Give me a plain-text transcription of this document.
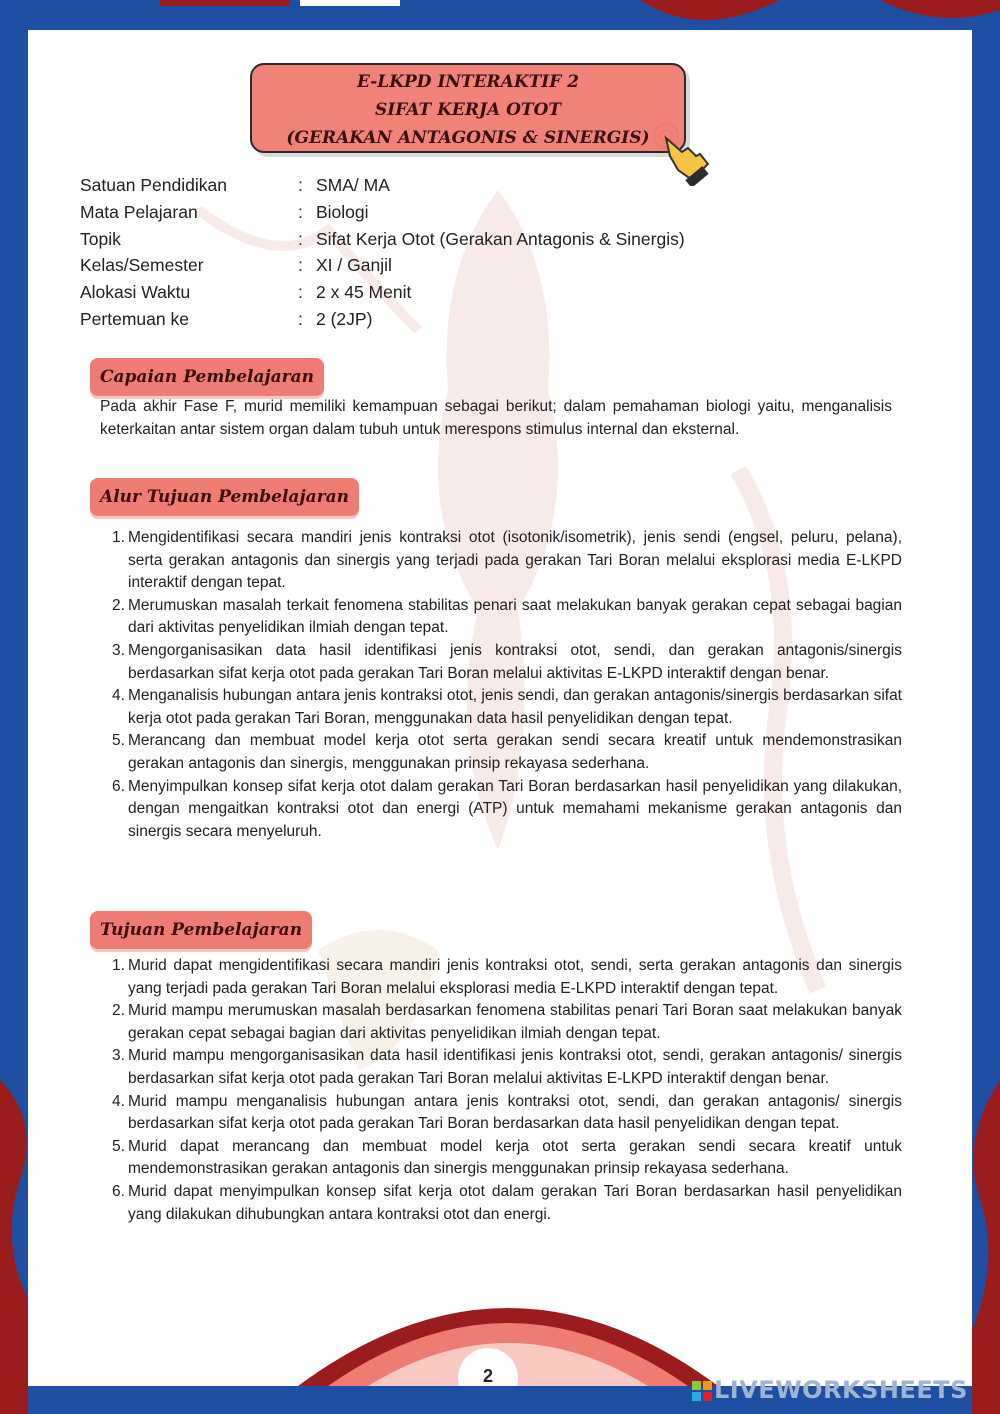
E-LKPD INTERAKTIF 2
SIFAT KERJA OTOT
(GERAKAN ANTAGONIS & SINERGIS)
Satuan Pendidikan	: SMA/ MA
Mata Pelajaran	: Biologi
Topik	: Sifat Kerja Otot (Gerakan Antagonis & Sinergis)
Kelas/Semester	: XI / Ganjil
Alokasi Waktu	: 2 x 45 Menit
Pertemuan ke	: 2 (2JP)
Capaian Pembelajaran
Pada akhir Fase F, murid memiliki kemampuan sebagai berikut; dalam pemahaman biologi yaitu, menganalisis keterkaitan antar sistem organ dalam tubuh untuk merespons stimulus internal dan eksternal.
Alur Tujuan Pembelajaran
1. Mengidentifikasi secara mandiri jenis kontraksi otot (isotonik/isometrik), jenis sendi (engsel, peluru, pelana), serta gerakan antagonis dan sinergis yang terjadi pada gerakan Tari Boran melalui eksplorasi media E-LKPD interaktif dengan tepat.
2. Merumuskan masalah terkait fenomena stabilitas penari saat melakukan banyak gerakan cepat sebagai bagian dari aktivitas penyelidikan ilmiah dengan tepat.
3. Mengorganisasikan data hasil identifikasi jenis kontraksi otot, sendi, dan gerakan antagonis/sinergis berdasarkan sifat kerja otot pada gerakan Tari Boran melalui aktivitas E-LKPD interaktif dengan benar.
4. Menganalisis hubungan antara jenis kontraksi otot, jenis sendi, dan gerakan antagonis/sinergis berdasarkan sifat kerja otot pada gerakan Tari Boran, menggunakan data hasil penyelidikan dengan tepat.
5. Merancang dan membuat model kerja otot serta gerakan sendi secara kreatif untuk mendemonstrasikan gerakan antagonis dan sinergis, menggunakan prinsip rekayasa sederhana.
6. Menyimpulkan konsep sifat kerja otot dalam gerakan Tari Boran berdasarkan hasil penyelidikan yang dilakukan, dengan mengaitkan kontraksi otot dan energi (ATP) untuk memahami mekanisme gerakan antagonis dan sinergis secara menyeluruh.
Tujuan Pembelajaran
1. Murid dapat mengidentifikasi secara mandiri jenis kontraksi otot, sendi, serta gerakan antagonis dan sinergis yang terjadi pada gerakan Tari Boran melalui eksplorasi media E-LKPD interaktif dengan tepat.
2. Murid mampu merumuskan masalah berdasarkan fenomena stabilitas penari Tari Boran saat melakukan banyak gerakan cepat sebagai bagian dari aktivitas penyelidikan ilmiah dengan tepat.
3. Murid mampu mengorganisasikan data hasil identifikasi jenis kontraksi otot, sendi, gerakan antagonis/ sinergis berdasarkan sifat kerja otot pada gerakan Tari Boran melalui aktivitas E-LKPD interaktif dengan benar.
4. Murid mampu menganalisis hubungan antara jenis kontraksi otot, sendi, dan gerakan antagonis/ sinergis berdasarkan sifat kerja otot pada gerakan Tari Boran berdasarkan data hasil penyelidikan dengan tepat.
5. Murid dapat merancang dan membuat model kerja otot serta gerakan sendi secara kreatif untuk mendemonstrasikan gerakan antagonis dan sinergis menggunakan prinsip rekayasa sederhana.
6. Murid dapat menyimpulkan konsep sifat kerja otot dalam gerakan Tari Boran berdasarkan hasil penyelidikan yang dilakukan dihubungkan antara kontraksi otot dan energi.
2	LIVEWORKSHEETS
